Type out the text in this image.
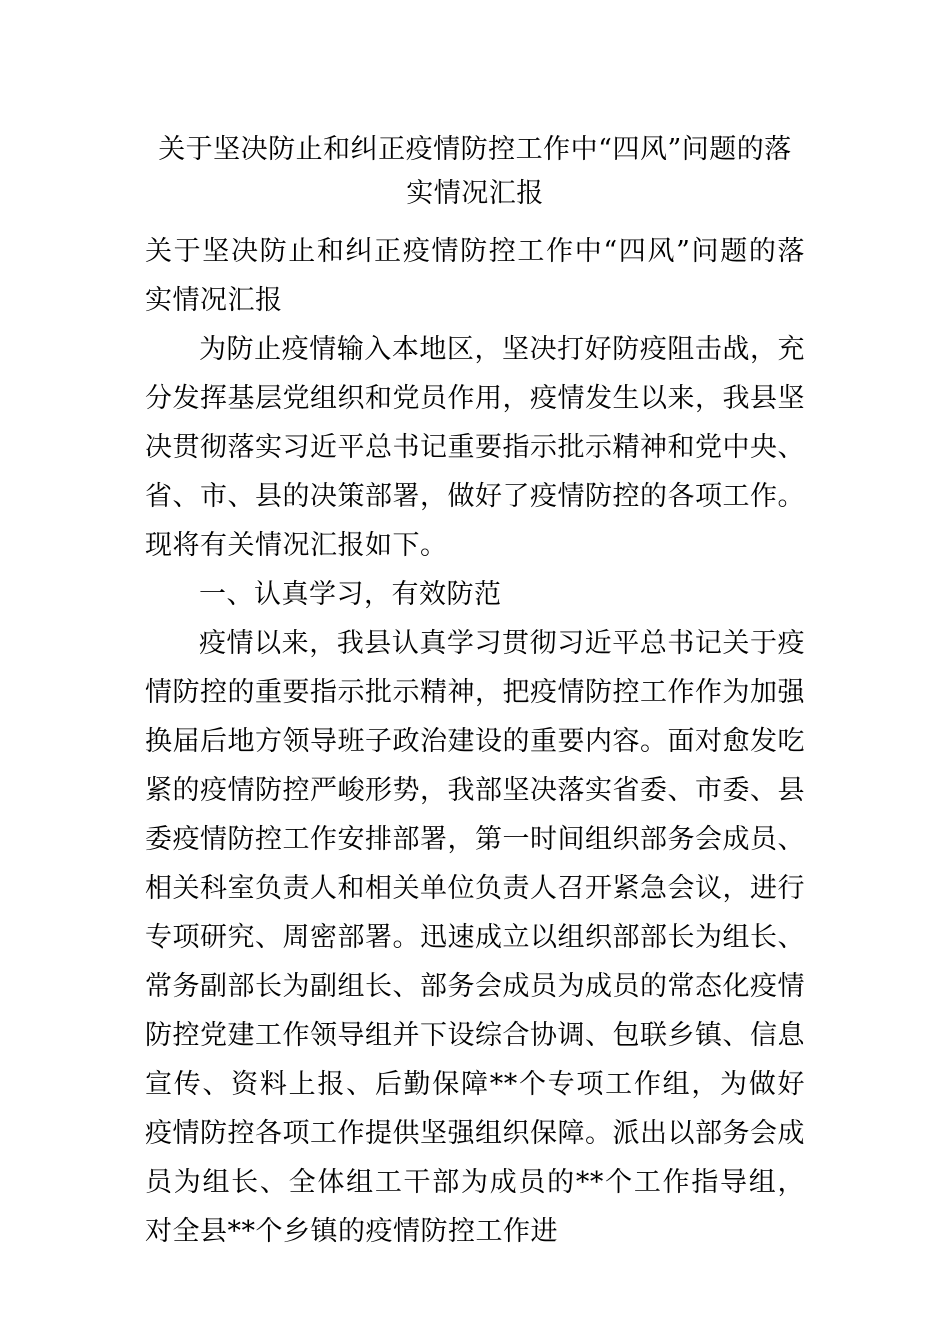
关于坚决防止和纠正疫情防控工作中“四风”问题的落实情况汇报

关于坚决防止和纠正疫情防控工作中“四风”问题的落实情况汇报

为防止疫情输入本地区，坚决打好防疫阻击战，充分发挥基层党组织和党员作用，疫情发生以来，我县坚决贯彻落实习近平总书记重要指示批示精神和党中央、省、市、县的决策部署，做好了疫情防控的各项工作。现将有关情况汇报如下。

一、认真学习，有效防范

疫情以来，我县认真学习贯彻习近平总书记关于疫情防控的重要指示批示精神，把疫情防控工作作为加强换届后地方领导班子政治建设的重要内容。面对愈发吃紧的疫情防控严峻形势，我部坚决落实省委、市委、县委疫情防控工作安排部署，第一时间组织部务会成员、相关科室负责人和相关单位负责人召开紧急会议，进行专项研究、周密部署。迅速成立以组织部部长为组长、常务副部长为副组长、部务会成员为成员的常态化疫情防控党建工作领导组并下设综合协调、包联乡镇、信息宣传、资料上报、后勤保障**个专项工作组，为做好疫情防控各项工作提供坚强组织保障。派出以部务会成员为组长、全体组工干部为成员的**个工作指导组，对全县**个乡镇的疫情防控工作进
